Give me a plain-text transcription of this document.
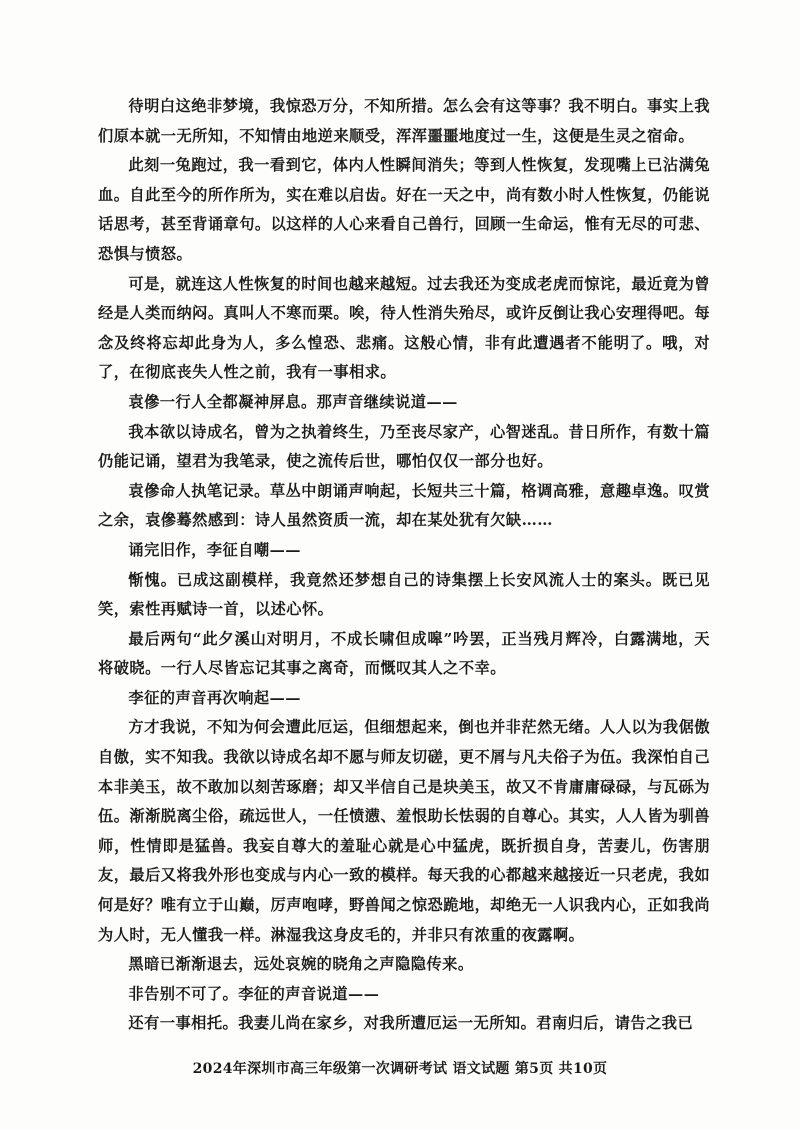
待明白这绝非梦境，我惊恐万分，不知所措。怎么会有这等事？我不明白。事实上我们原本就一无所知，不知情由地逆来顺受，浑浑噩噩地度过一生，这便是生灵之宿命。

此刻一兔跑过，我一看到它，体内人性瞬间消失；等到人性恢复，发现嘴上已沾满兔血。自此至今的所作所为，实在难以启齿。好在一天之中，尚有数小时人性恢复，仍能说话思考，甚至背诵章句。以这样的人心来看自己兽行，回顾一生命运，惟有无尽的可悲、恐惧与愤怒。

可是，就连这人性恢复的时间也越来越短。过去我还为变成老虎而惊诧，最近竟为曾经是人类而纳闷。真叫人不寒而栗。唉，待人性消失殆尽，或许反倒让我心安理得吧。每念及终将忘却此身为人，多么惶恐、悲痛。这般心情，非有此遭遇者不能明了。哦，对了，在彻底丧失人性之前，我有一事相求。

袁傪一行人全都凝神屏息。那声音继续说道——

我本欲以诗成名，曾为之执着终生，乃至丧尽家产，心智迷乱。昔日所作，有数十篇仍能记诵，望君为我笔录，使之流传后世，哪怕仅仅一部分也好。

袁傪命人执笔记录。草丛中朗诵声响起，长短共三十篇，格调高雅，意趣卓逸。叹赏之余，袁傪蓦然感到：诗人虽然资质一流，却在某处犹有欠缺……

诵完旧作，李征自嘲——

惭愧。已成这副模样，我竟然还梦想自己的诗集摆上长安风流人士的案头。既已见笑，索性再赋诗一首，以述心怀。

最后两句“此夕溪山对明月，不成长啸但成嗥”吟罢，正当残月辉冷，白露满地，天将破晓。一行人尽皆忘记其事之离奇，而慨叹其人之不幸。

李征的声音再次响起——

方才我说，不知为何会遭此厄运，但细想起来，倒也并非茫然无绪。人人以为我倨傲自傲，实不知我。我欲以诗成名却不愿与师友切磋，更不屑与凡夫俗子为伍。我深怕自己本非美玉，故不敢加以刻苦琢磨；却又半信自己是块美玉，故又不肯庸庸碌碌，与瓦砾为伍。渐渐脱离尘俗，疏远世人，一任愤懑、羞恨助长怯弱的自尊心。其实，人人皆为驯兽师，性情即是猛兽。我妄自尊大的羞耻心就是心中猛虎，既折损自身，苦妻儿，伤害朋友，最后又将我外形也变成与内心一致的模样。每天我的心都越来越接近一只老虎，我如何是好？唯有立于山巅，厉声咆哮，野兽闻之惊恐跪地，却绝无一人识我内心，正如我尚为人时，无人懂我一样。淋湿我这身皮毛的，并非只有浓重的夜露啊。

黑暗已渐渐退去，远处哀婉的晓角之声隐隐传来。

非告别不可了。李征的声音说道——

还有一事相托。我妻儿尚在家乡，对我所遭厄运一无所知。君南归后，请告之我已

2024年深圳市高三年级第一次调研考试 语文试题 第5页 共10页
